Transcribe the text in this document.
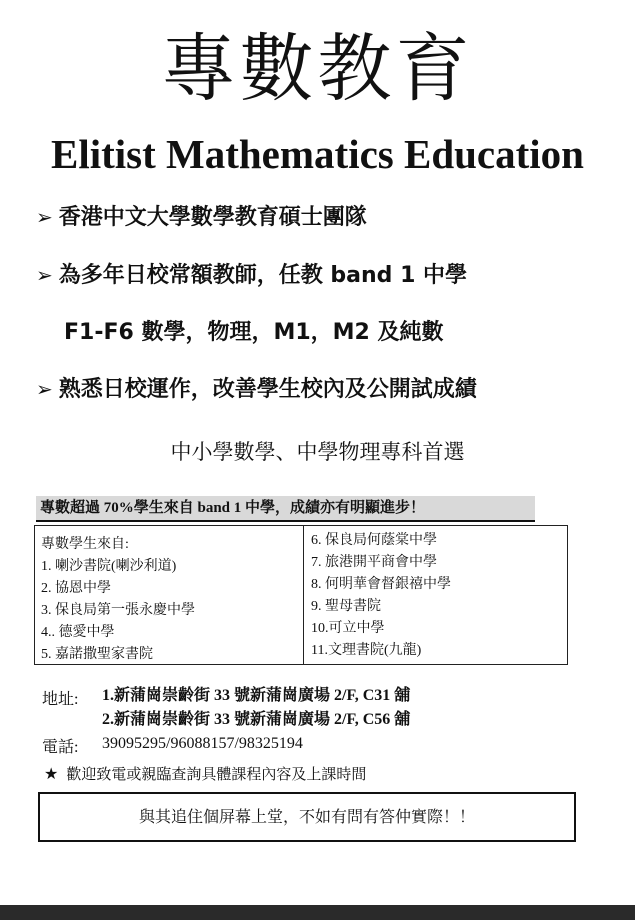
專數教育
Elitist Mathematics Education
➢ 香港中文大學數學教育碩士團隊
➢ 為多年日校常額教師，任教 band 1 中學
F1-F6 數學，物理，M1，M2 及純數
➢ 熟悉日校運作，改善學生校內及公開試成績
中小學數學、中學物理專科首選
專數超過 70%學生來自 band 1 中學，成績亦有明顯進步！
專數學生來自:
1. 喇沙書院(喇沙利道)
2. 協恩中學
3. 保良局第一張永慶中學
4.. 德愛中學
5. 嘉諾撒聖家書院
6. 保良局何蔭棠中學
7. 旅港開平商會中學
8. 何明華會督銀禧中學
9. 聖母書院
10.可立中學
11.文理書院(九龍)
地址: 1.新蒲崗崇齡街 33 號新蒲崗廣場 2/F, C31 舖
2.新蒲崗崇齡街 33 號新蒲崗廣場 2/F, C56 舖
電話: 39095295/96088157/98325194
★ 歡迎致電或親臨查詢具體課程內容及上課時間
與其追住個屏幕上堂，不如有問有答仲實際！！
